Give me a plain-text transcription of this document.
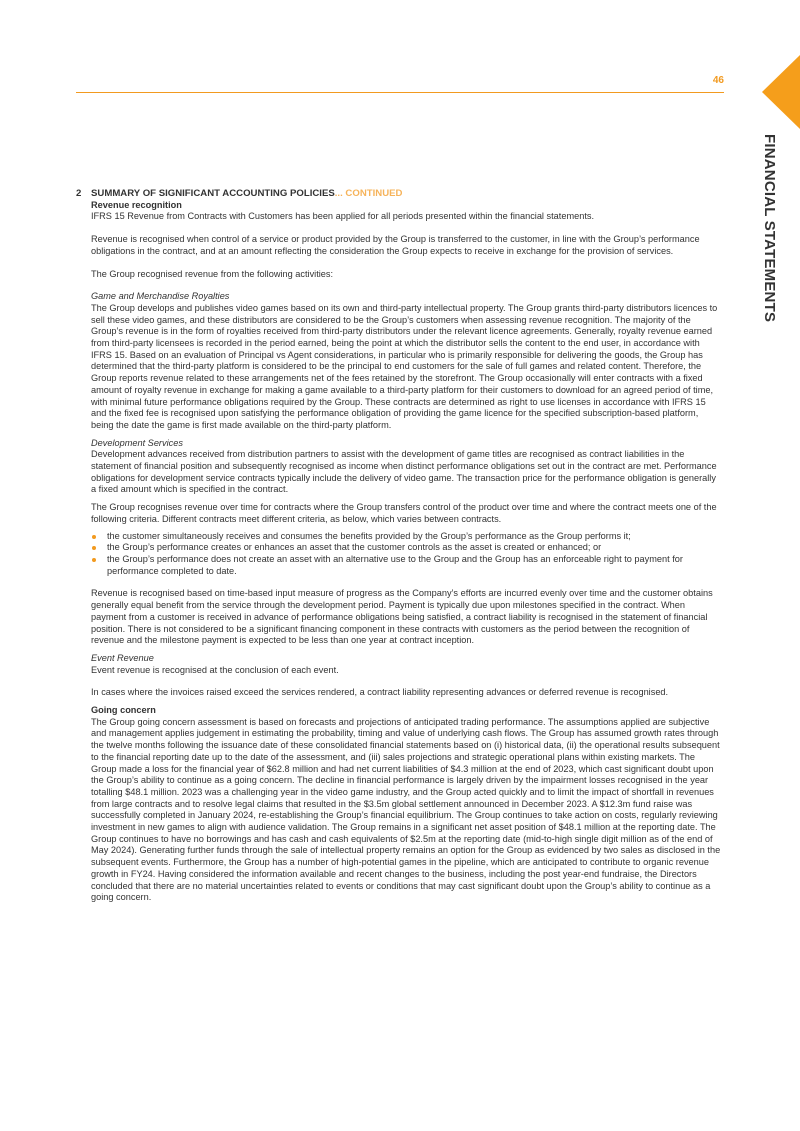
46
FINANCIAL STATEMENTS
2 SUMMARY OF SIGNIFICANT ACCOUNTING POLICIES... CONTINUED
Revenue recognition

IFRS 15 Revenue from Contracts with Customers has been applied for all periods presented within the financial statements.

Revenue is recognised when control of a service or product provided by the Group is transferred to the customer, in line with the Group’s performance obligations in the contract, and at an amount reflecting the consideration the Group expects to receive in exchange for the provision of services.

The Group recognised revenue from the following activities:

Game and Merchandise Royalties

The Group develops and publishes video games based on its own and third-party intellectual property. The Group grants third-party distributors licences to sell these video games, and these distributors are considered to be the Group’s customers when assessing revenue recognition. The majority of the Group’s revenue is in the form of royalties received from third-party distributors under the relevant licence agreements. Generally, royalty revenue earned from third-party licensees is recorded in the period earned, being the point at which the distributor sells the content to the end user, in accordance with IFRS 15. Based on an evaluation of Principal vs Agent considerations, in particular who is primarily responsible for delivering the goods, the Group has determined that the third-party platform is considered to be the principal to end customers for the sale of full games and related content. Therefore, the Group reports revenue related to these arrangements net of the fees retained by the storefront. The Group occasionally will enter contracts with a fixed amount of royalty revenue in exchange for making a game available to a third-party platform for their customers to download for an agreed period of time, with minimal future performance obligations required by the Group. These contracts are determined as right to use licenses in accordance with IFRS 15 and the fixed fee is recognised upon satisfying the performance obligation of providing the game licence for the specified subscription-based platform, being the date the game is first made available on the third-party platform.

Development Services

Development advances received from distribution partners to assist with the development of game titles are recognised as contract liabilities in the statement of financial position and subsequently recognised as income when distinct performance obligations set out in the contract are met. Performance obligations for development service contracts typically include the delivery of video game. The transaction price for the performance obligation is generally a fixed amount which is specified in the contract.

The Group recognises revenue over time for contracts where the Group transfers control of the product over time and where the contract meets one of the following criteria. Different contracts meet different criteria, as below, which varies between contracts.

the customer simultaneously receives and consumes the benefits provided by the Group’s performance as the Group performs it;
the Group’s performance creates or enhances an asset that the customer controls as the asset is created or enhanced; or
the Group’s performance does not create an asset with an alternative use to the Group and the Group has an enforceable right to payment for performance completed to date.

Revenue is recognised based on time-based input measure of progress as the Company’s efforts are incurred evenly over time and the customer obtains generally equal benefit from the service through the development period. Payment is typically due upon milestones specified in the contract. When payment from a customer is received in advance of performance obligations being satisfied, a contract liability is recognised in the statement of financial position. There is not considered to be a significant financing component in these contracts with customers as the period between the recognition of revenue and the milestone payment is expected to be less than one year at contract inception.

Event Revenue

Event revenue is recognised at the conclusion of each event.

In cases where the invoices raised exceed the services rendered, a contract liability representing advances or deferred revenue is recognised.

Going concern

The Group going concern assessment is based on forecasts and projections of anticipated trading performance. The assumptions applied are subjective and management applies judgement in estimating the probability, timing and value of underlying cash flows. The Group has assumed growth rates through the twelve months following the issuance date of these consolidated financial statements based on (i) historical data, (ii) the operational results subsequent to the financial reporting date up to the date of the assessment, and (iii) sales projections and strategic operational plans within existing markets. The Group made a loss for the financial year of $62.8 million and had net current liabilities of $4.3 million at the end of 2023, which cast significant doubt upon the Group’s ability to continue as a going concern. The decline in financial performance is largely driven by the impairment losses recognised in the year totalling $48.1 million. 2023 was a challenging year in the video game industry, and the Group acted quickly and to limit the impact of shortfall in revenues from large contracts and to resolve legal claims that resulted in the $3.5m global settlement announced in December 2023. A $12.3m fund raise was successfully completed in January 2024, re-establishing the Group’s financial equilibrium. The Group continues to take action on costs, regularly reviewing investment in new games to align with audience validation. The Group remains in a significant net asset position of $48.1 million at the reporting date. The Group continues to have no borrowings and has cash and cash equivalents of $2.5m at the reporting date (mid-to-high single digit million as of the end of May 2024). Generating further funds through the sale of intellectual property remains an option for the Group as evidenced by two sales as disclosed in the subsequent events. Furthermore, the Group has a number of high-potential games in the pipeline, which are anticipated to contribute to organic revenue growth in FY24. Having considered the information available and recent changes to the business, including the post year-end fundraise, the Directors concluded that there are no material uncertainties related to events or conditions that may cast significant doubt upon the Group’s ability to continue as a going concern.
